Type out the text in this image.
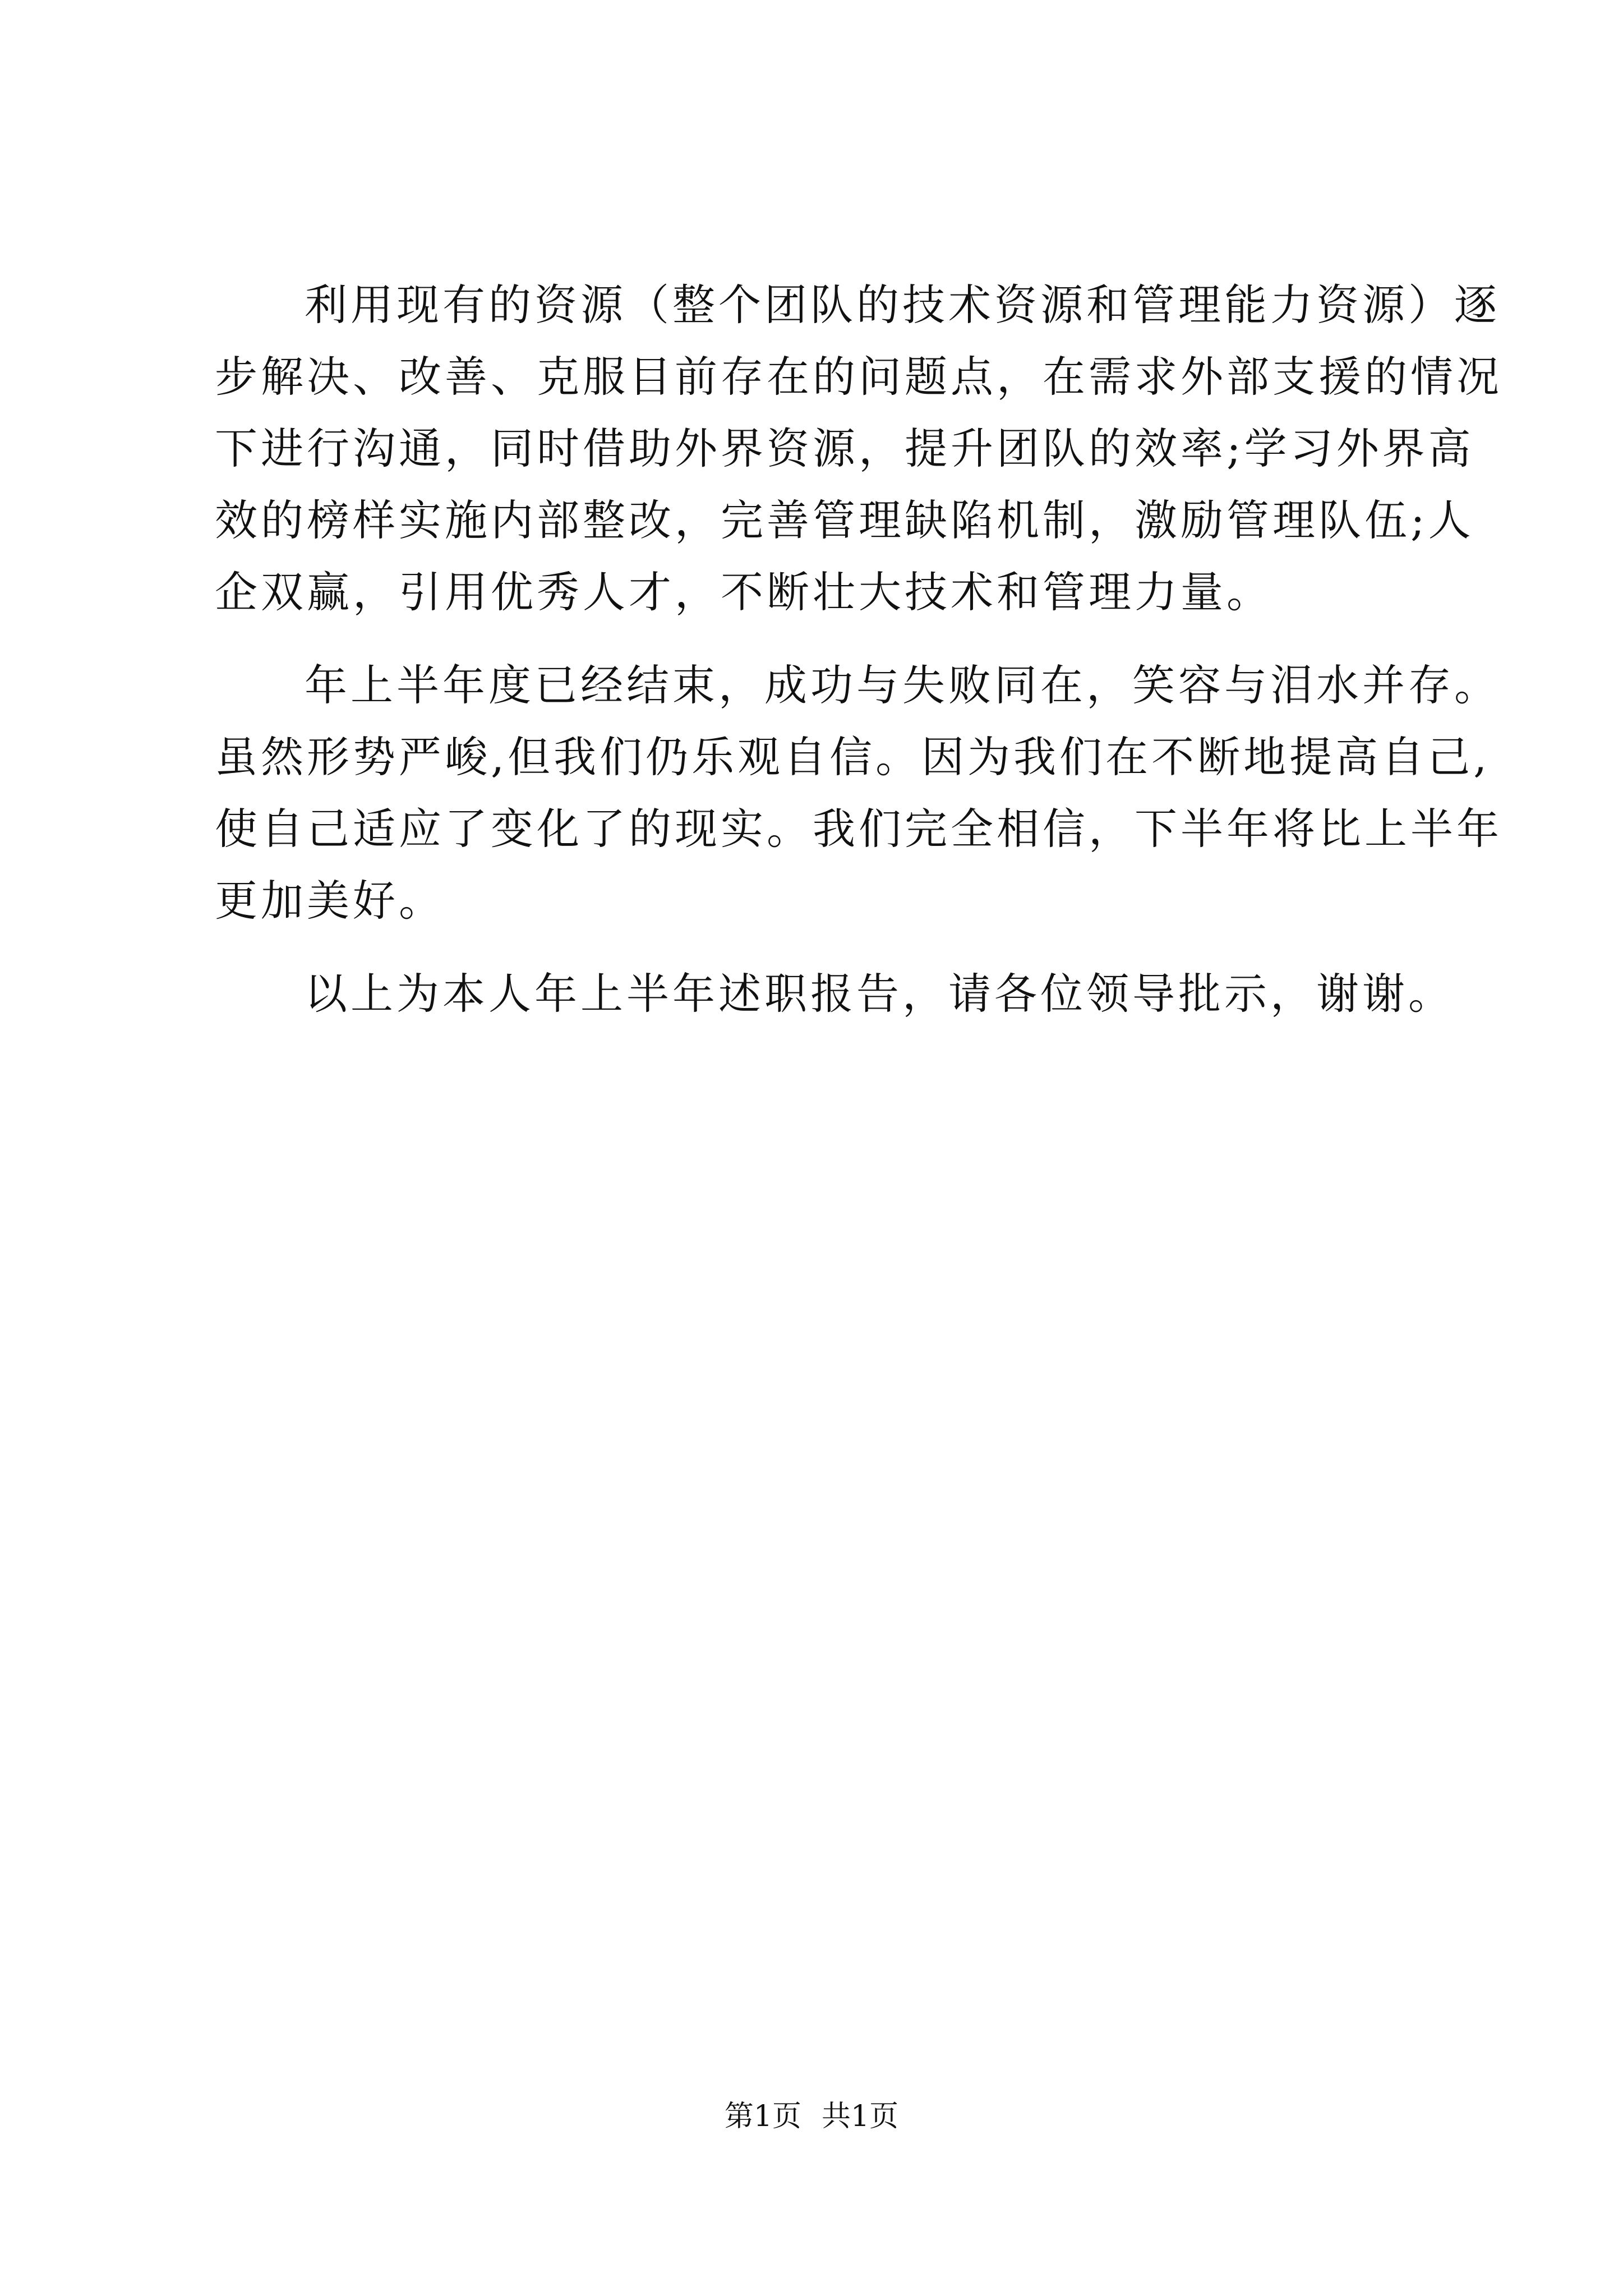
利用现有的资源（整个团队的技术资源和管理能力资源）逐
步解决、改善、克服目前存在的问题点，在需求外部支援的情况
下进行沟通，同时借助外界资源，提升团队的效率;学习外界高
效的榜样实施内部整改，完善管理缺陷机制，激励管理队伍;人
企双赢，引用优秀人才，不断壮大技术和管理力量。
年上半年度已经结束，成功与失败同在，笑容与泪水并存。
虽然形势严峻,但我们仍乐观自信。因为我们在不断地提高自己,
使自己适应了变化了的现实。我们完全相信，下半年将比上半年
更加美好。
以上为本人年上半年述职报告，请各位领导批示，谢谢。
第1页 共1页
